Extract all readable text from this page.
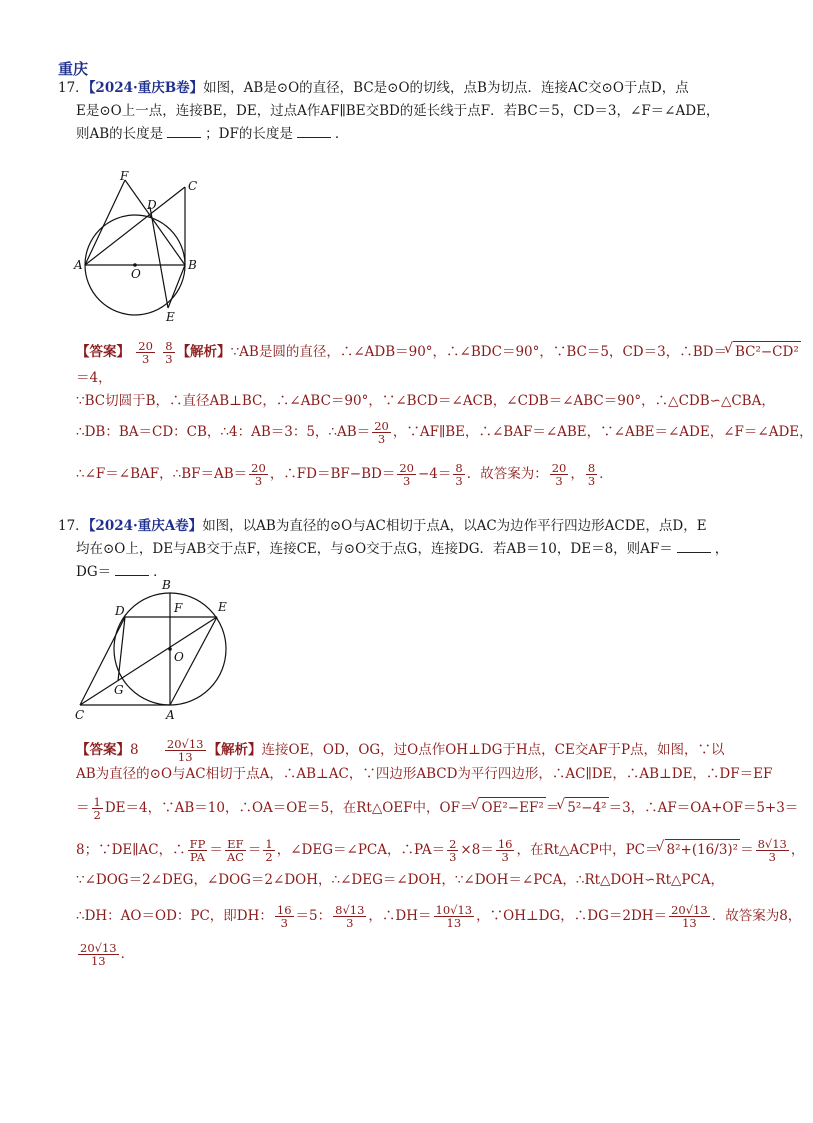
重庆
17．【2024·重庆B卷】如图，AB是⊙O的直径，BC是⊙O的切线，点B为切点．连接AC交⊙O于点D，点
E是⊙O上一点，连接BE，DE，过点A作AF∥BE交BD的延长线于点F．若BC＝5，CD＝3，∠F＝∠ADE，
则AB的长度是	；DF的长度是	．
F
C
D
A
O
B
E
【答案】 $\frac{20}{3}$
$\frac{8}{3}$ 【解析】∵AB是圆的直径，∴∠ADB＝90°，∴∠BDC＝90°，∵BC＝5，CD＝3，∴BD＝ √ BC²−CD²
＝4，
∵BC切圆于B，∴直径AB⊥BC，∴∠ABC＝90°，∵∠BCD＝∠ACB，∠CDB＝∠ABC＝90°，∴△CDB∽△CBA，
∴DB：BA＝CD：CB，∴4：AB＝3：5，∴AB＝ $\frac{20}{3}$ ，∵AF∥BE，∴∠BAF＝∠ABE，∵∠ABE＝∠ADE，∠F＝∠ADE，
∴∠F＝∠BAF，∴BF＝AB＝ $\frac{20}{3}$ ，∴FD＝BF−BD＝ $\frac{20}{3} -4= \frac{8}{3}$ ．故答案为： $\frac{20}{3}$ ， $\frac{8}{3}$ ．
17．【2024·重庆A卷】如图，以AB为直径的⊙O与AC相切于点A，以AC为边作平行四边形ACDE，点D，E
均在⊙O上，DE与AB交于点F，连接CE，与⊙O交于点G，连接DG．若AB＝10，DE＝8，则AF＝	，
DG＝	．
B
D	F	E
O
G
C	A
【答案】$8 \frac{20√13}{13}$ 【解析】连接OE，OD，OG，过O点作OH⊥DG于H点，CE交AF于P点，如图，∵以
AB为直径的⊙O与AC相切于点A，∴AB⊥AC，∵四边形ABCD为平行四边形，∴AC∥DE，∴AB⊥DE，∴DF＝EF
＝ $\frac{1}{2} DE=4$，∵AB＝10，∴OA＝OE＝5，在Rt△OEF中，OF＝ √ OE²−EF² ＝ √ 5²−4² ＝3，∴AF＝OA+OF＝5+3＝
8；∵DE∥AC，∴ $\frac{FP}{PA} = \frac{EF}{AC} = \frac{1}{2}$ ，∠DEG＝∠PCA，∴PA＝ $\frac{2}{3} \times 8= \frac{16}{3}$ ，在Rt△ACP中，PC＝ √ $8^2+(16/3)^2 = \frac{8√13}{3}$ ，
∵∠DOG＝2∠DEG，∠DOG＝2∠DOH，∴∠DEG＝∠DOH，∵∠DOH＝∠PCA，∴Rt△DOH∽Rt△PCA，
∴DH：AO＝OD：PC，即DH： $\frac{16}{3} =5$： $\frac{8√13}{3}$ ，∴DH＝ $\frac{10√13}{13}$ ，∵OH⊥DG，∴DG＝2DH＝ $\frac{20√13}{13}$ ．故答案为8，
$\frac{20√13}{13}$ ．
